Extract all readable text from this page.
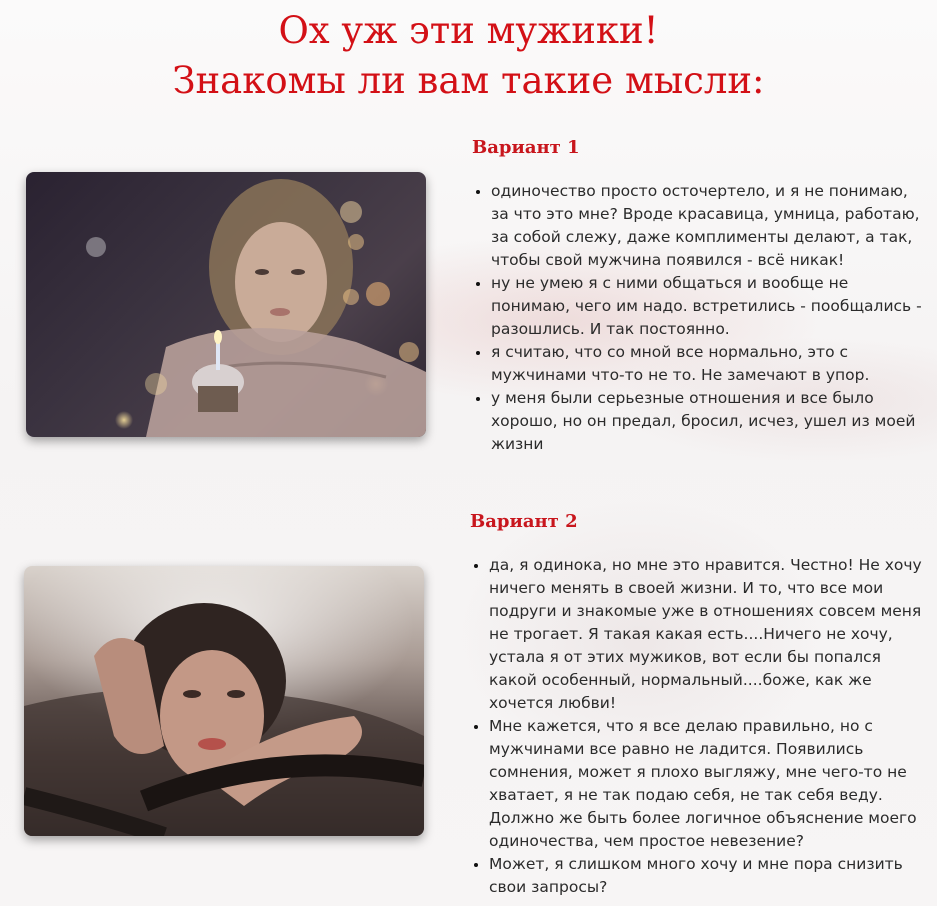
Ох уж эти мужики!
Знакомы ли вам такие мысли:
Вариант 1
• одиночество просто осточертело, и я не понимаю, за что это мне? Вроде красавица, умница, работаю, за собой слежу, даже комплименты делают, а так, чтобы свой мужчина появился - всё никак!
• ну не умею я с ними общаться и вообще не понимаю, чего им надо. встретились - пообщались - разошлись. И так постоянно.
• я считаю, что со мной все нормально, это с мужчинами что-то не то. Не замечают в упор.
• у меня были серьезные отношения и все было хорошо, но он предал, бросил, исчез, ушел из моей жизни
Вариант 2
• да, я одинока, но мне это нравится. Честно! Не хочу ничего менять в своей жизни. И то, что все мои подруги и знакомые уже в отношениях совсем меня не трогает. Я такая какая есть....Ничего не хочу, устала я от этих мужиков, вот если бы попался какой особенный, нормальный....боже, как же хочется любви!
• Мне кажется, что я все делаю правильно, но с мужчинами все равно не ладится. Появились сомнения, может я плохо выгляжу, мне чего-то не хватает, я не так подаю себя, не так себя веду. Должно же быть более логичное объяснение моего одиночества, чем простое невезение?
• Может, я слишком много хочу и мне пора снизить свои запросы?
